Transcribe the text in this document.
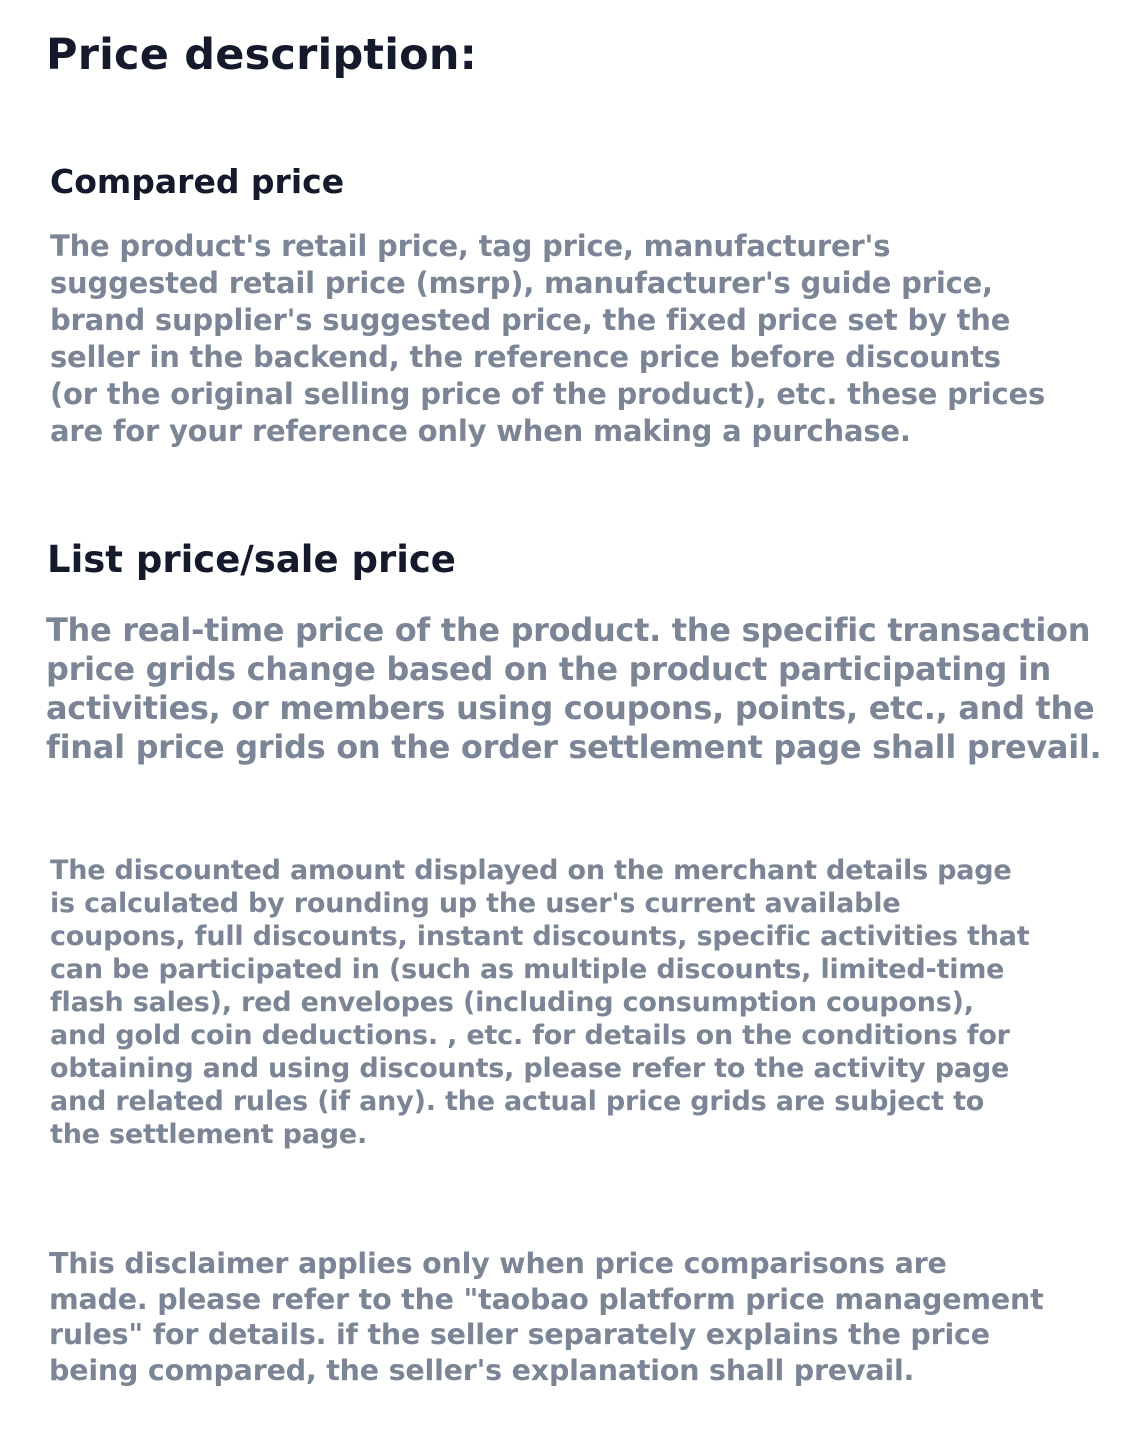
Price description:
Compared price

The product's retail price, tag price, manufacturer's
suggested retail price (msrp), manufacturer's guide price,
brand supplier's suggested price, the fixed price set by the
seller in the backend, the reference price before discounts
(or the original selling price of the product), etc. these prices
are for your reference only when making a purchase.

List price/sale price

The real-time price of the product. the specific transaction
price grids change based on the product participating in
activities, or members using coupons, points, etc., and the
final price grids on the order settlement page shall prevail.

The discounted amount displayed on the merchant details page
is calculated by rounding up the user's current available
coupons, full discounts, instant discounts, specific activities that
can be participated in (such as multiple discounts, limited-time
flash sales), red envelopes (including consumption coupons),
and gold coin deductions. , etc. for details on the conditions for
obtaining and using discounts, please refer to the activity page
and related rules (if any). the actual price grids are subject to
the settlement page.

This disclaimer applies only when price comparisons are
made. please refer to the "taobao platform price management
rules" for details. if the seller separately explains the price
being compared, the seller's explanation shall prevail.
